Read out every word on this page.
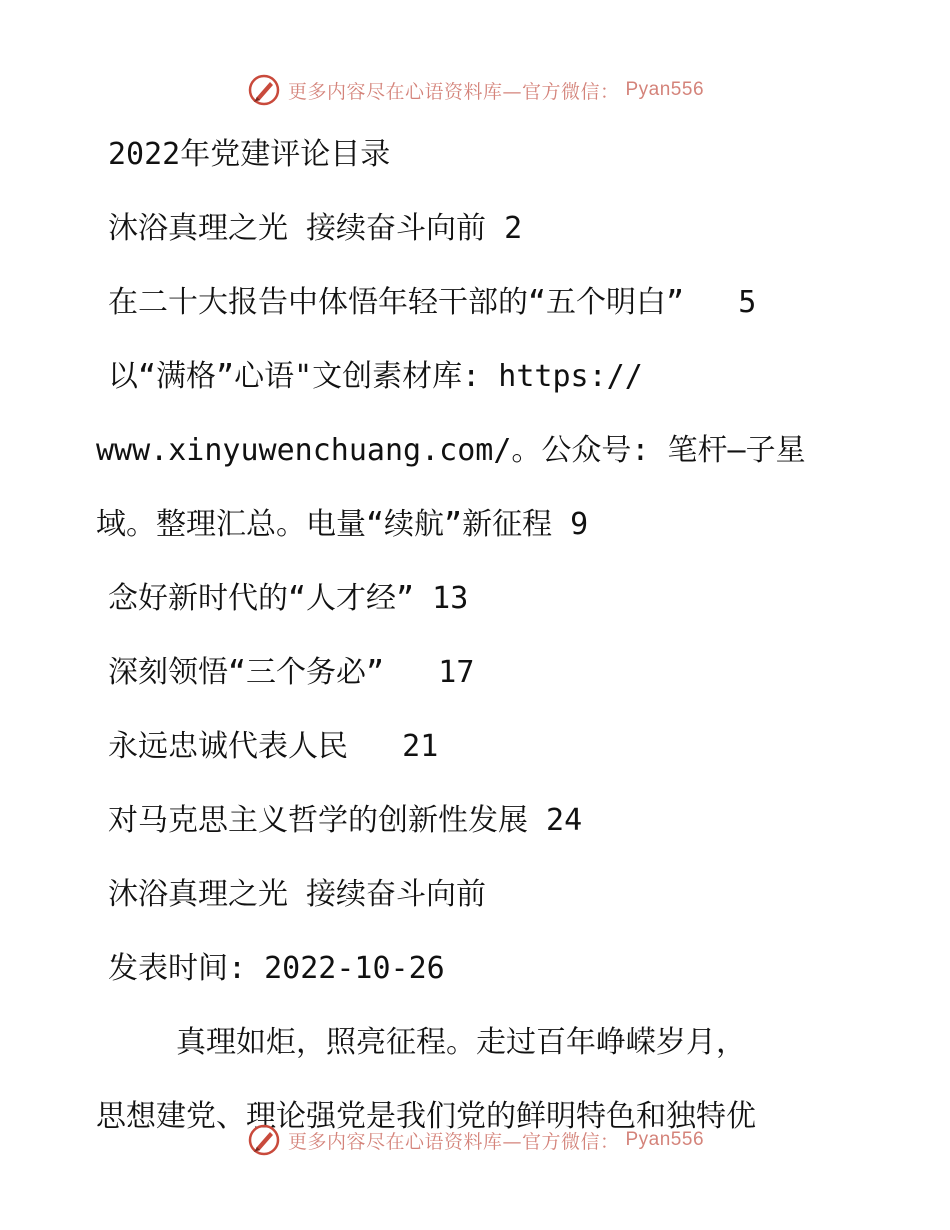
更多内容尽在心语资料库—官方微信： Pyan556

2022年党建评论目录

沐浴真理之光 接续奋斗向前 2

在二十大报告中体悟年轻干部的“五个明白”   5

以“满格”心语"文创素材库: https://

www.xinyuwenchuang.com/。公众号: 笔杆—子星

域。整理汇总。电量“续航”新征程 9

念好新时代的“人才经” 13

深刻领悟“三个务必”   17

永远忠诚代表人民   21

对马克思主义哲学的创新性发展 24

沐浴真理之光 接续奋斗向前

发表时间: 2022-10-26

真理如炬，照亮征程。走过百年峥嵘岁月，

思想建党、理论强党是我们党的鲜明特色和独特优

更多内容尽在心语资料库—官方微信： Pyan556
